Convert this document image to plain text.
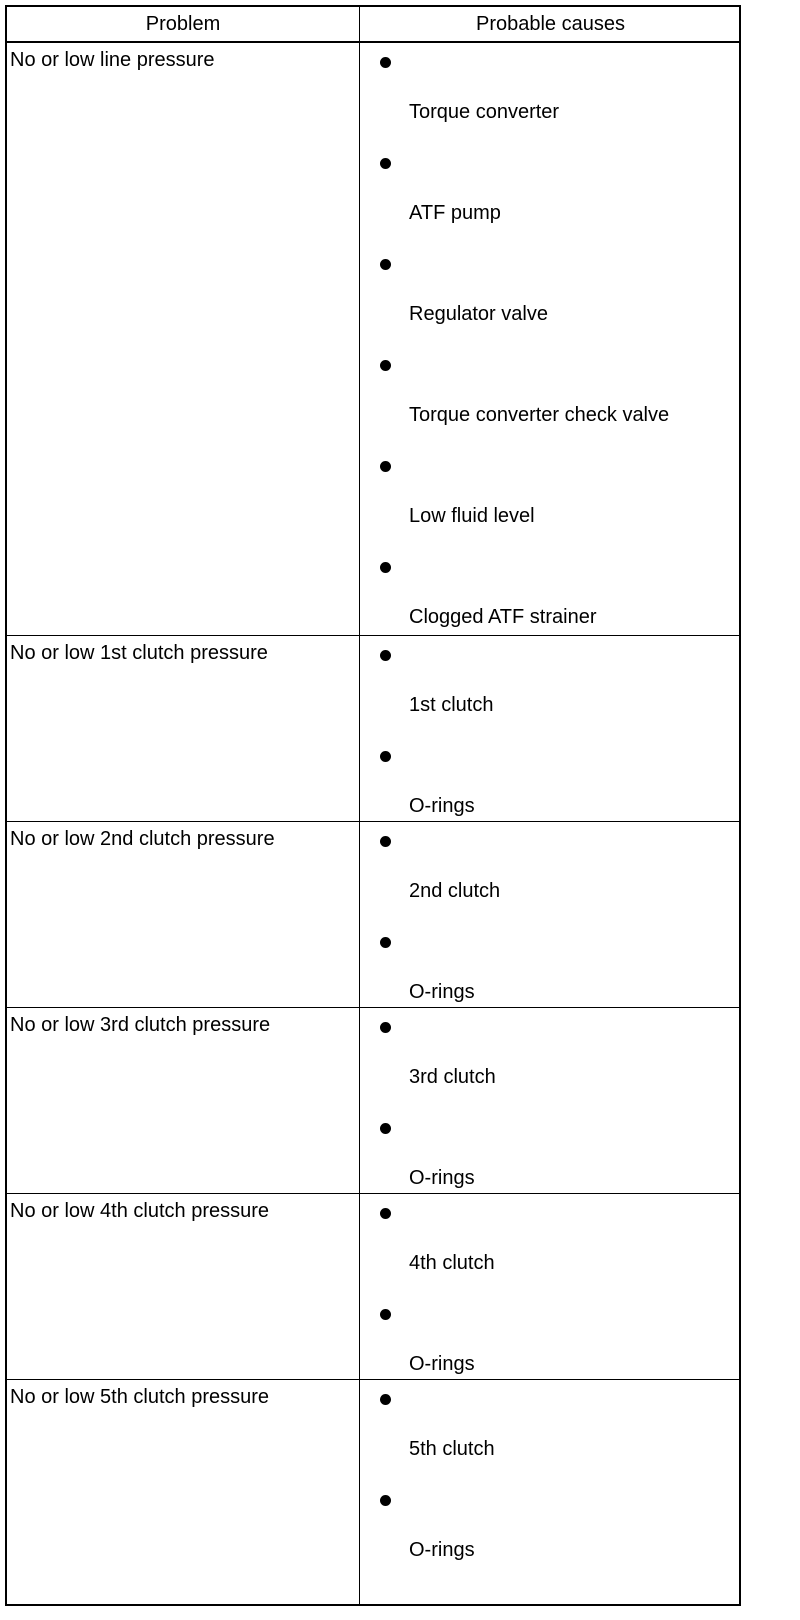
Problem	Probable causes
No or low line pressure
Torque converter
ATF pump
Regulator valve
Torque converter check valve
Low fluid level
Clogged ATF strainer
No or low 1st clutch pressure
1st clutch
O-rings
No or low 2nd clutch pressure
2nd clutch
O-rings
No or low 3rd clutch pressure
3rd clutch
O-rings
No or low 4th clutch pressure
4th clutch
O-rings
No or low 5th clutch pressure
5th clutch
O-rings
